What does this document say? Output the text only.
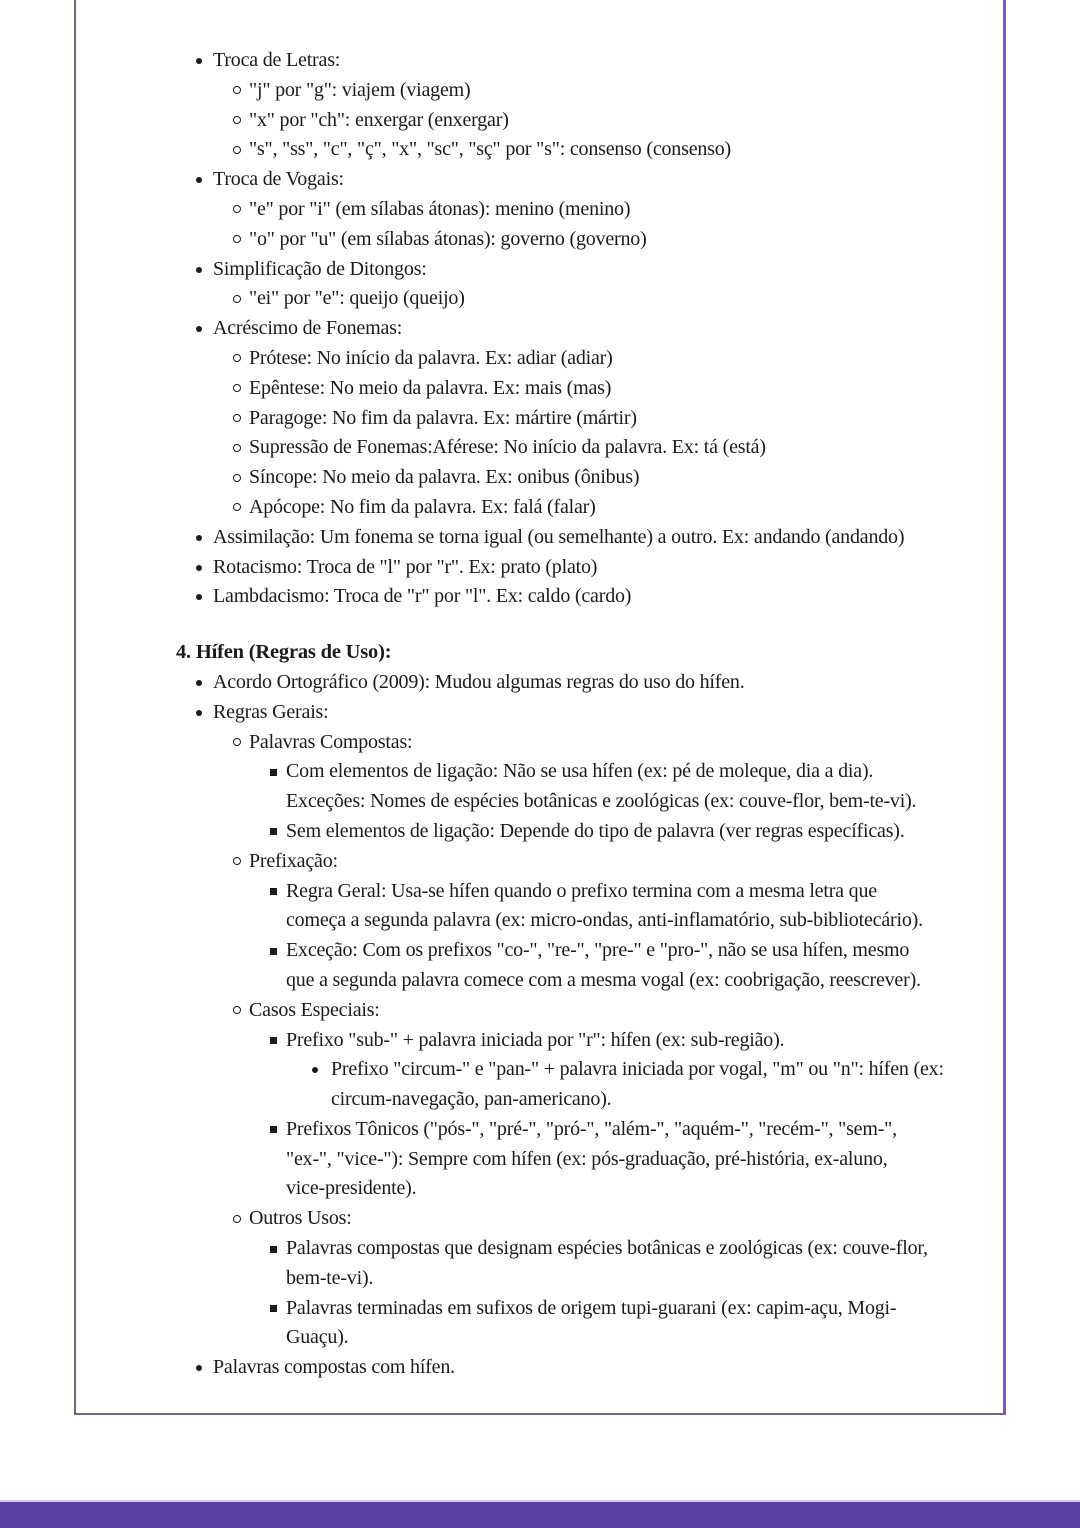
Troca de Letras:
"j" por "g": viajem (viagem)
"x" por "ch": enxergar (enxergar)
"s", "ss", "c", "ç", "x", "sc", "sç" por "s": consenso (consenso)
Troca de Vogais:
"e" por "i" (em sílabas átonas): menino (menino)
"o" por "u" (em sílabas átonas): governo (governo)
Simplificação de Ditongos:
"ei" por "e": queijo (queijo)
Acréscimo de Fonemas:
Prótese: No início da palavra. Ex: adiar (adiar)
Epêntese: No meio da palavra. Ex: mais (mas)
Paragoge: No fim da palavra. Ex: mártire (mártir)
Supressão de Fonemas:Aférese: No início da palavra. Ex: tá (está)
Síncope: No meio da palavra. Ex: onibus (ônibus)
Apócope: No fim da palavra. Ex: falá (falar)
Assimilação: Um fonema se torna igual (ou semelhante) a outro. Ex: andando (andando)
Rotacismo: Troca de "l" por "r". Ex: prato (plato)
Lambdacismo: Troca de "r" por "l". Ex: caldo (cardo)
4. Hífen (Regras de Uso):
Acordo Ortográfico (2009): Mudou algumas regras do uso do hífen.
Regras Gerais:
Palavras Compostas:
Com elementos de ligação: Não se usa hífen (ex: pé de moleque, dia a dia).
Exceções: Nomes de espécies botânicas e zoológicas (ex: couve-flor, bem-te-vi).
Sem elementos de ligação: Depende do tipo de palavra (ver regras específicas).
Prefixação:
Regra Geral: Usa-se hífen quando o prefixo termina com a mesma letra que
começa a segunda palavra (ex: micro-ondas, anti-inflamatório, sub-bibliotecário).
Exceção: Com os prefixos "co-", "re-", "pre-" e "pro-", não se usa hífen, mesmo
que a segunda palavra comece com a mesma vogal (ex: coobrigação, reescrever).
Casos Especiais:
Prefixo "sub-" + palavra iniciada por "r": hífen (ex: sub-região).
Prefixo "circum-" e "pan-" + palavra iniciada por vogal, "m" ou "n": hífen (ex:
circum-navegação, pan-americano).
Prefixos Tônicos ("pós-", "pré-", "pró-", "além-", "aquém-", "recém-", "sem-",
"ex-", "vice-"): Sempre com hífen (ex: pós-graduação, pré-história, ex-aluno,
vice-presidente).
Outros Usos:
Palavras compostas que designam espécies botânicas e zoológicas (ex: couve-flor,
bem-te-vi).
Palavras terminadas em sufixos de origem tupi-guarani (ex: capim-açu, Mogi-
Guaçu).
Palavras compostas com hífen.
